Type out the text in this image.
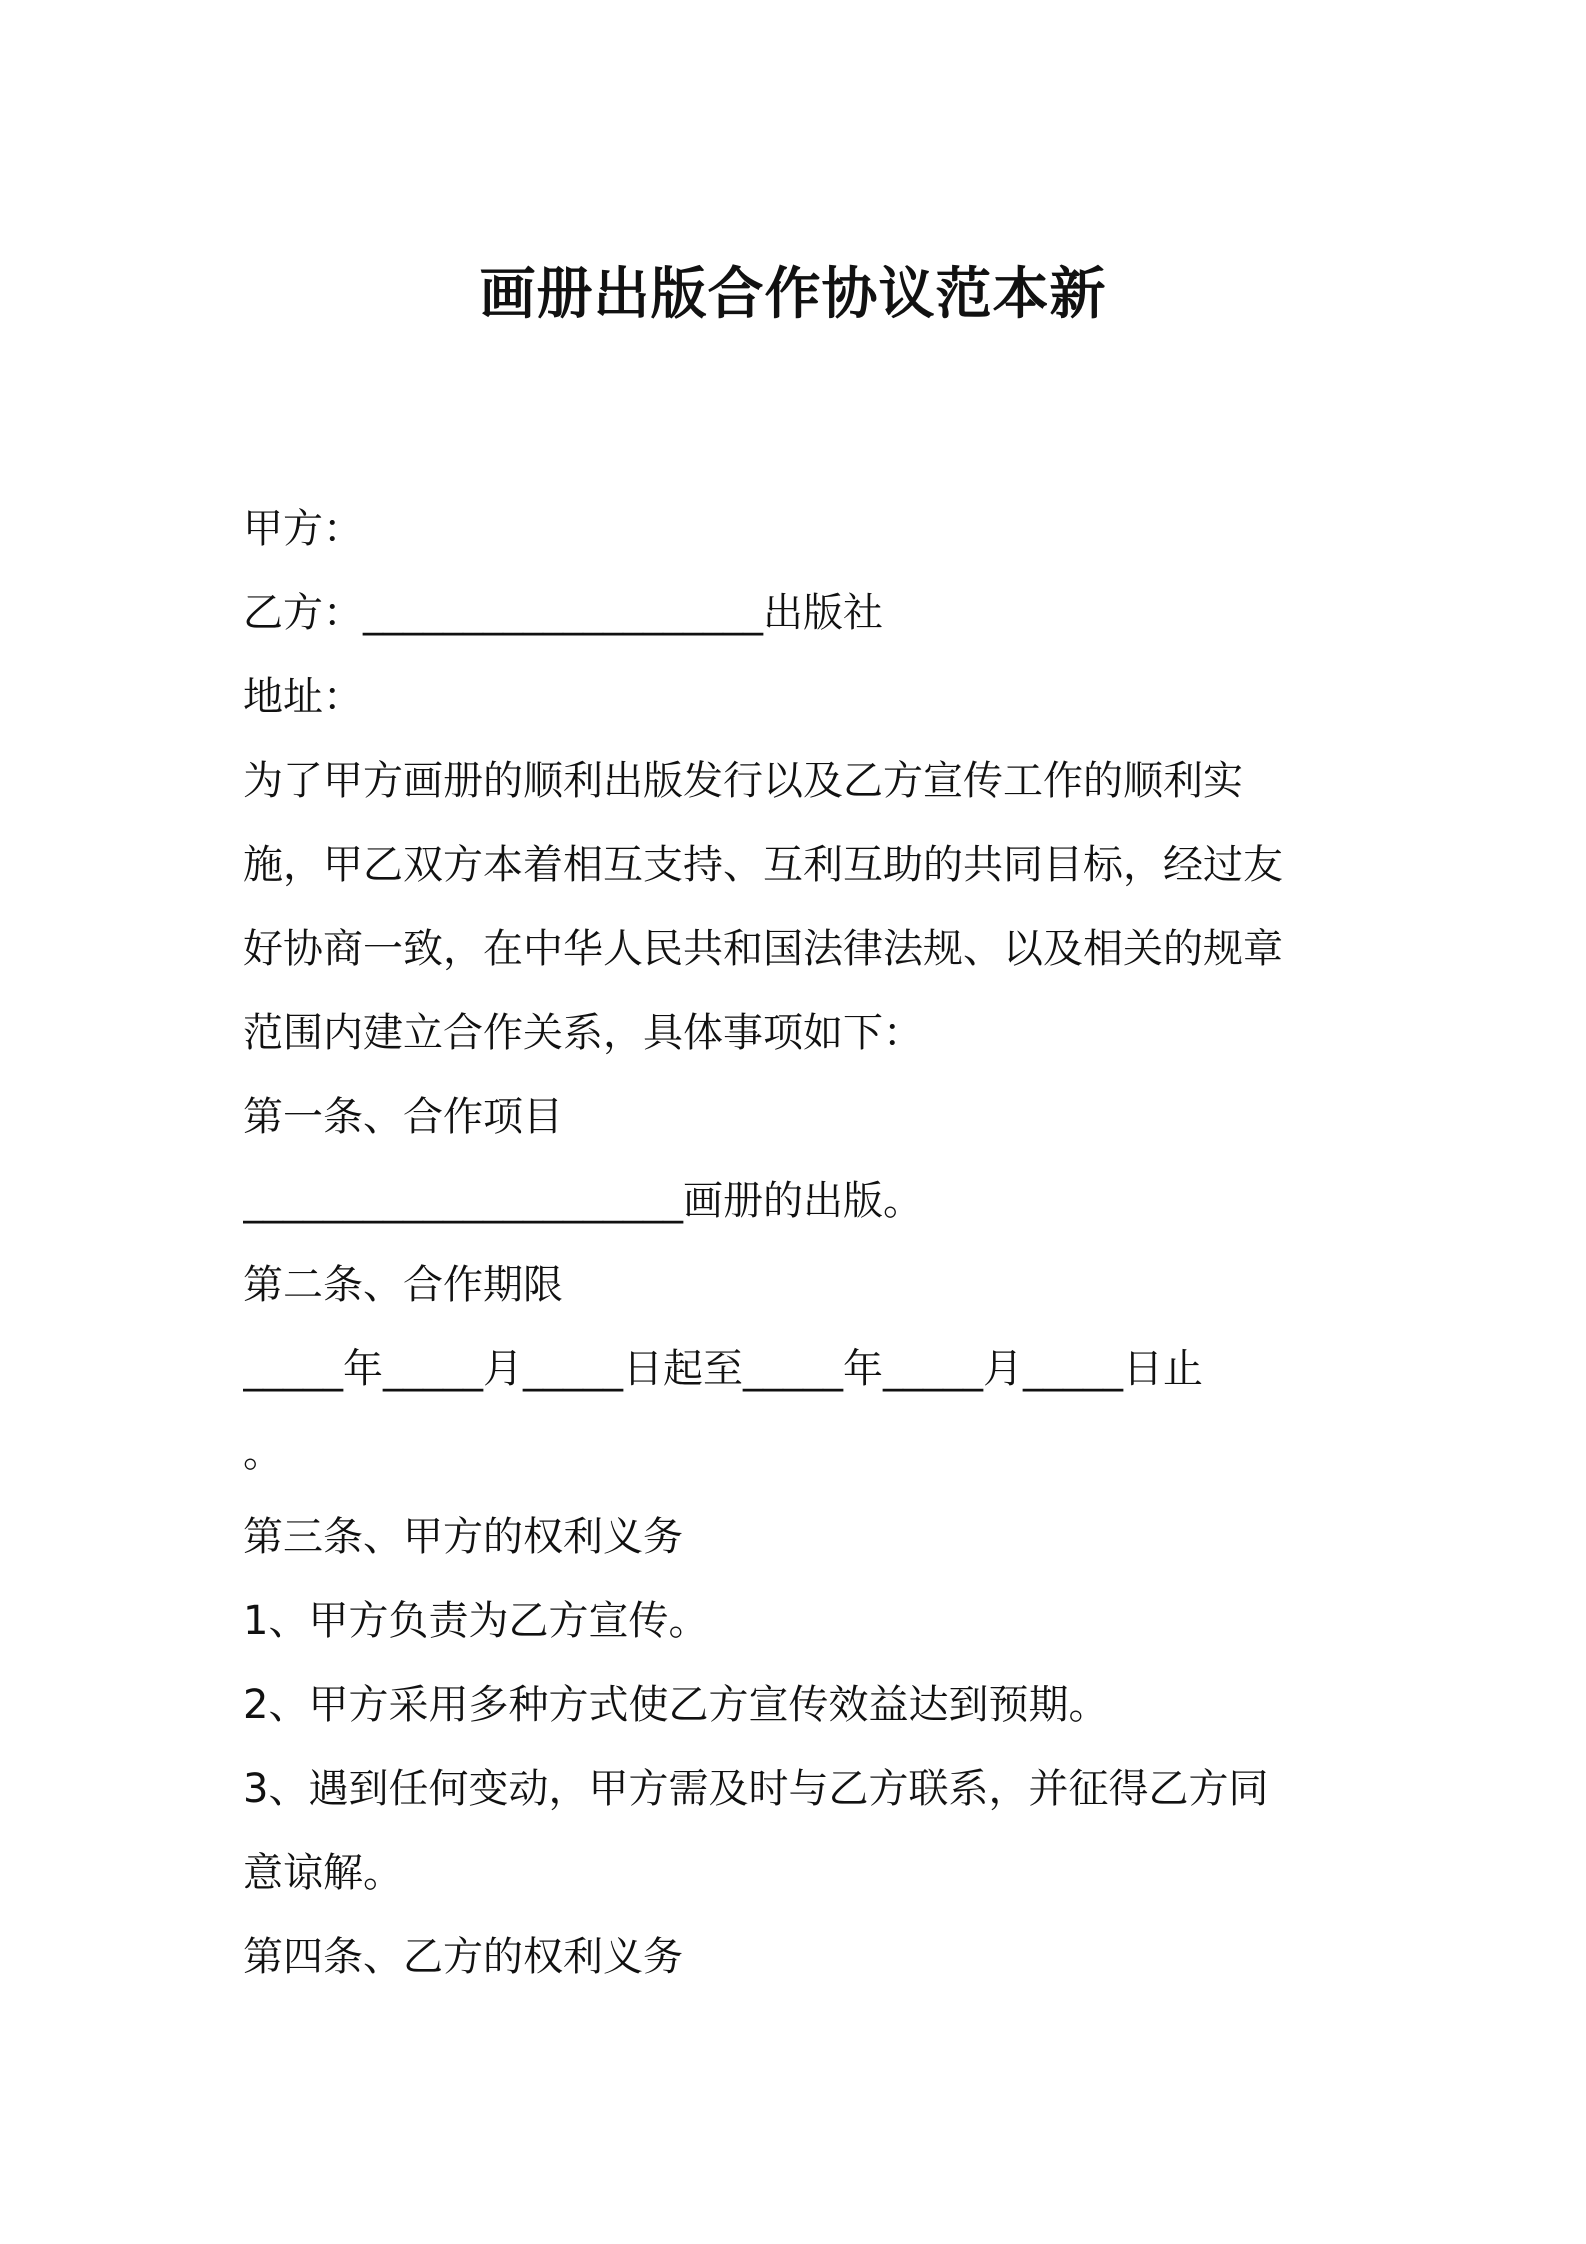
画册出版合作协议范本新
甲方：
乙方：____________________出版社
地址：
为了甲方画册的顺利出版发行以及乙方宣传工作的顺利实
施，甲乙双方本着相互支持、互利互助的共同目标，经过友
好协商一致，在中华人民共和国法律法规、以及相关的规章
范围内建立合作关系，具体事项如下：
第一条、合作项目
______________________画册的出版。
第二条、合作期限
_____年_____月_____日起至_____年_____月_____日止
。
第三条、甲方的权利义务
1、甲方负责为乙方宣传。
2、甲方采用多种方式使乙方宣传效益达到预期。
3、遇到任何变动，甲方需及时与乙方联系，并征得乙方同
意谅解。
第四条、乙方的权利义务
